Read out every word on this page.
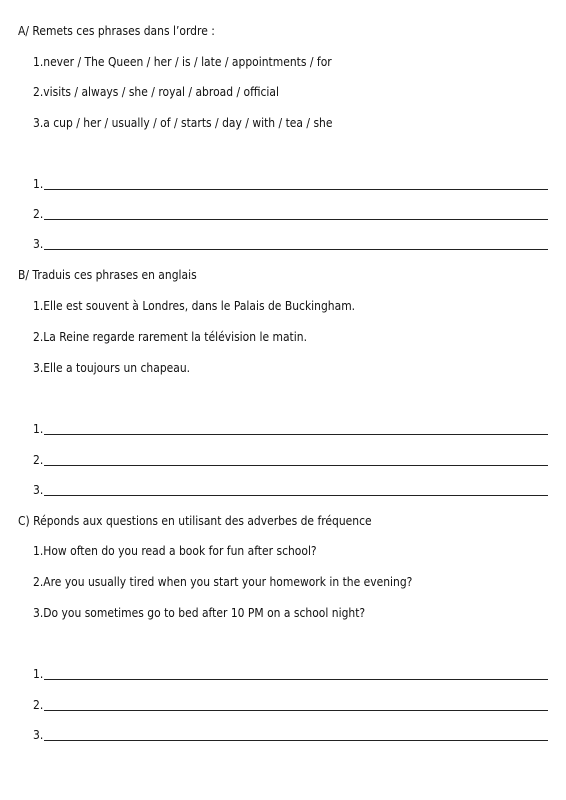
A/ Remets ces phrases dans l’ordre :
1.never / The Queen / her / is / late / appointments / for
2.visits / always / she / royal / abroad / official
3.a cup / her / usually / of / starts / day / with / tea / she
1.
2.
3.
B/ Traduis ces phrases en anglais
1.Elle est souvent à Londres, dans le Palais de Buckingham.
2.La Reine regarde rarement la télévision le matin.
3.Elle a toujours un chapeau.
1.
2.
3.
C) Réponds aux questions en utilisant des adverbes de fréquence
1.How often do you read a book for fun after school?
2.Are you usually tired when you start your homework in the evening?
3.Do you sometimes go to bed after 10 PM on a school night?
1.
2.
3.
